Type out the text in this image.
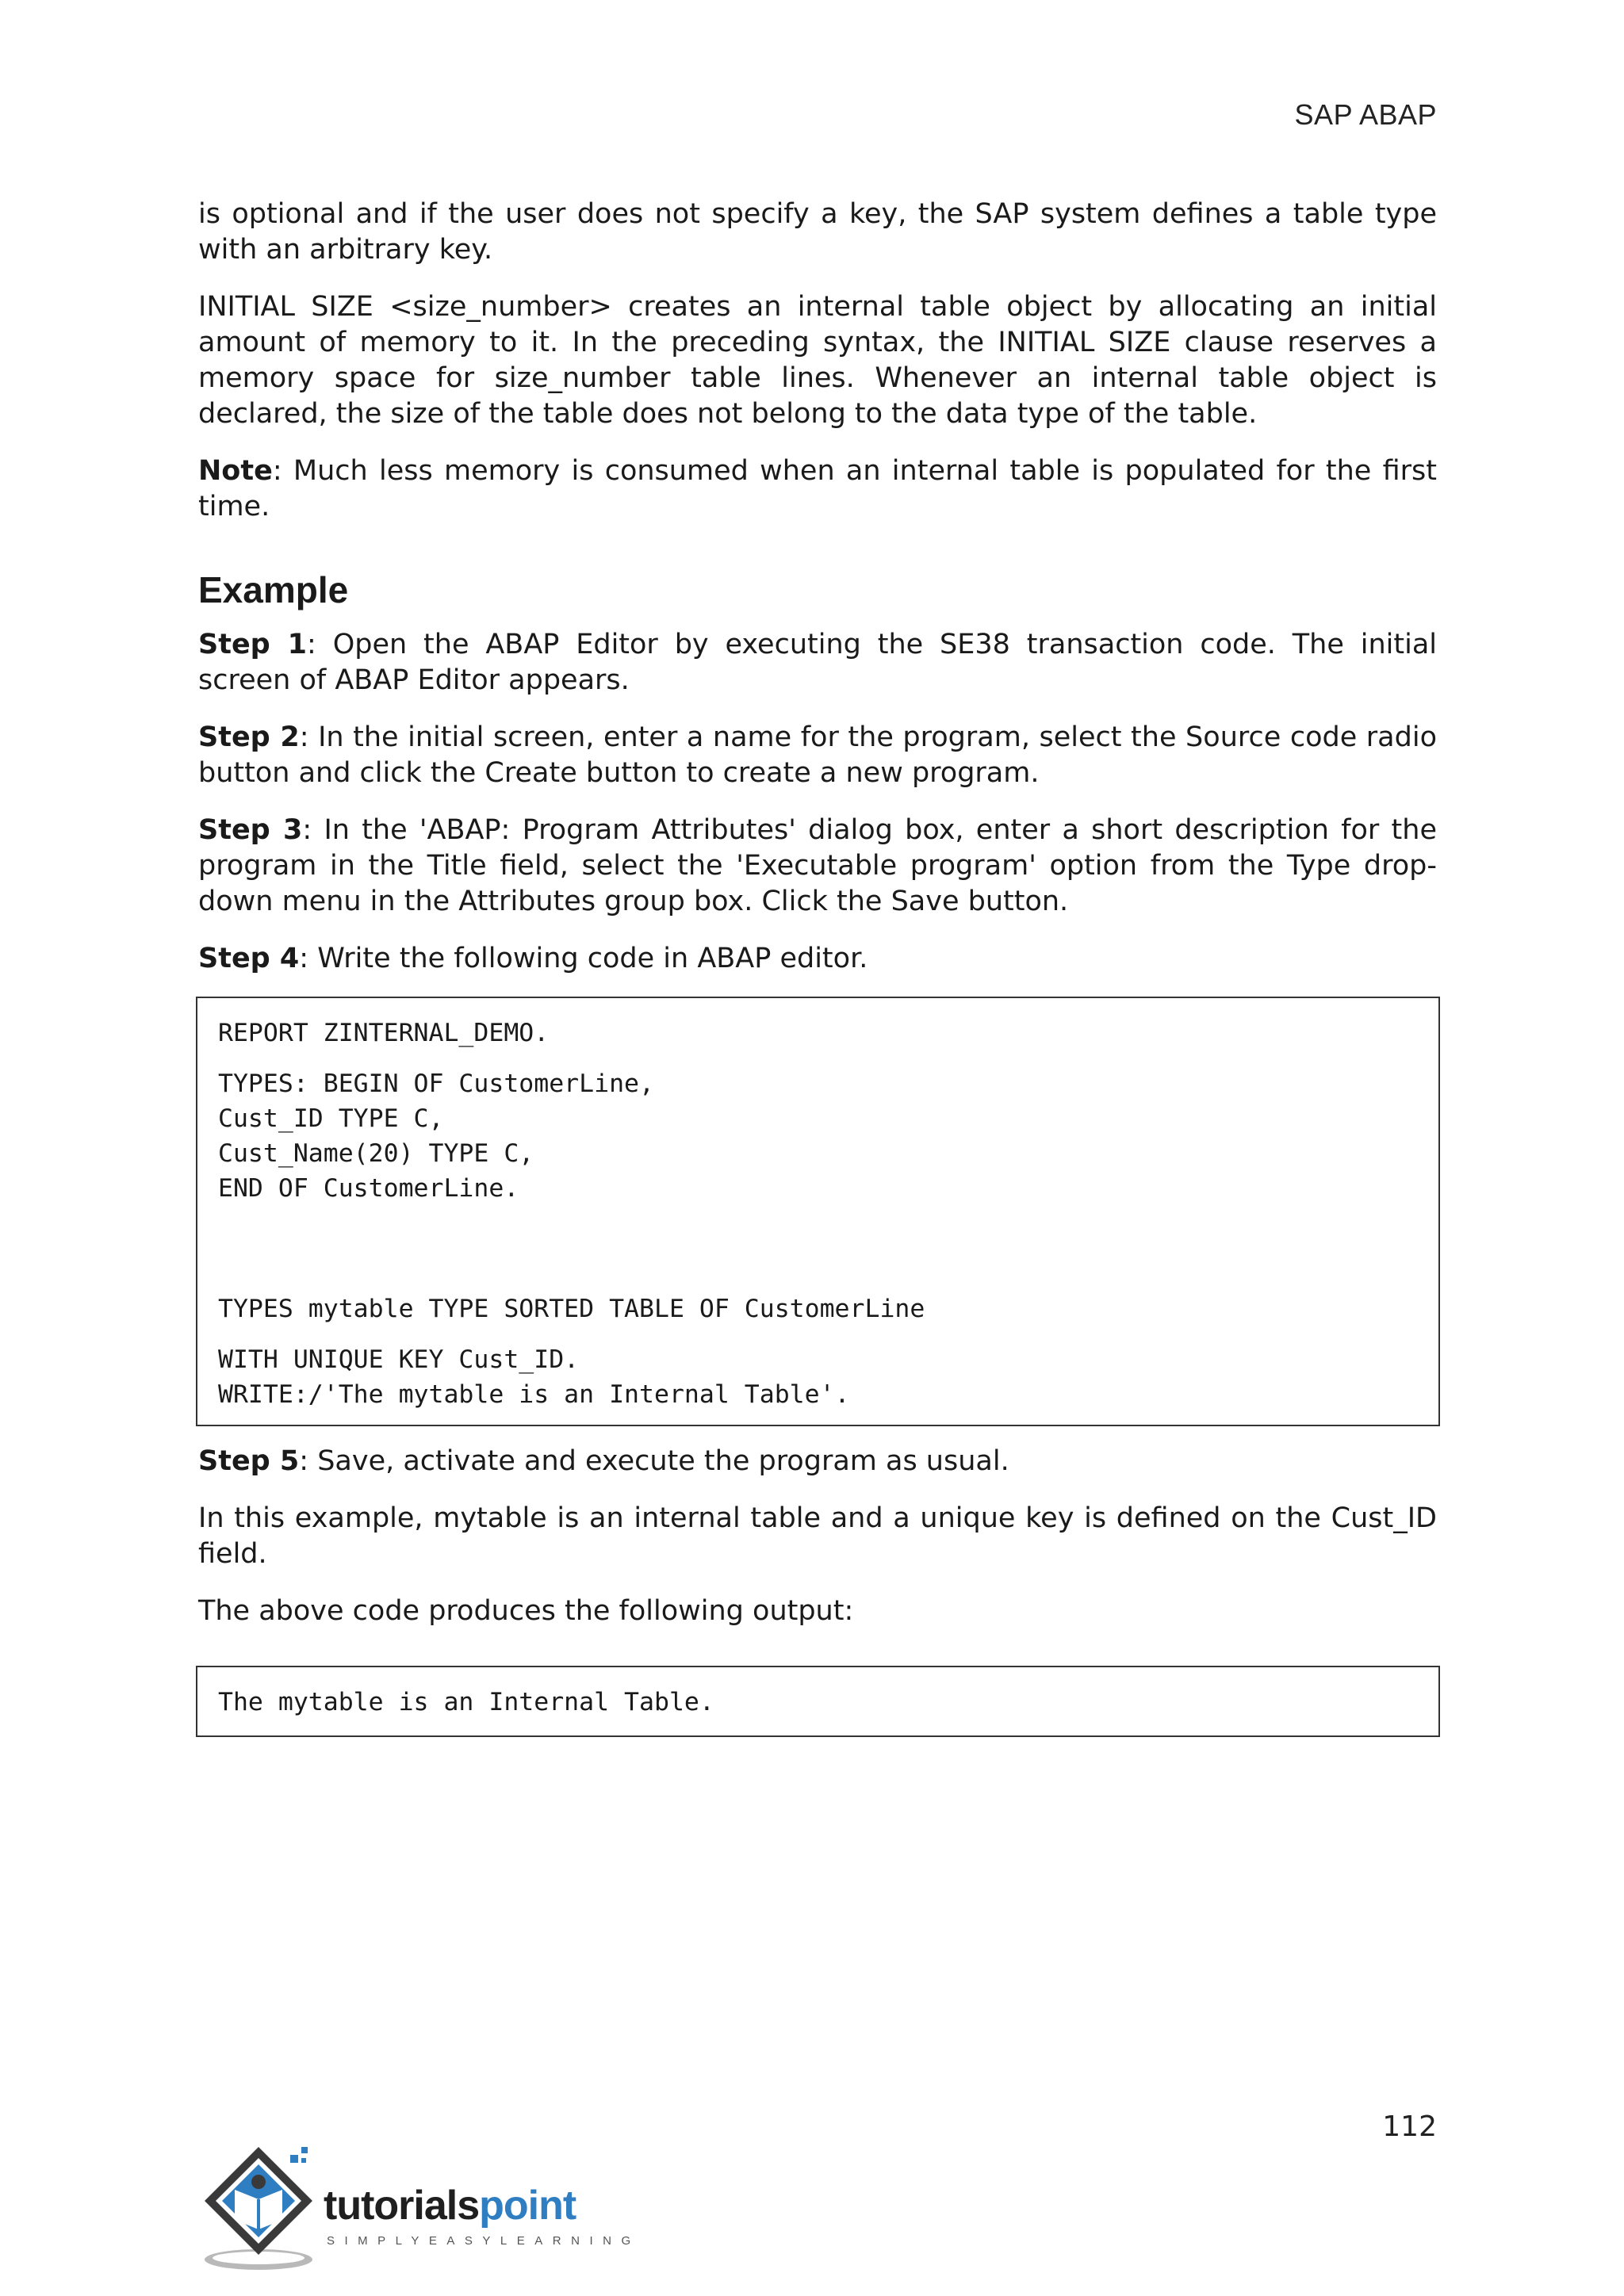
SAP ABAP

is optional and if the user does not specify a key, the SAP system defines a table type with an arbitrary key.

INITIAL SIZE <size_number> creates an internal table object by allocating an initial amount of memory to it. In the preceding syntax, the INITIAL SIZE clause reserves a memory space for size_number table lines. Whenever an internal table object is declared, the size of the table does not belong to the data type of the table.

Note: Much less memory is consumed when an internal table is populated for the first time.

Example

Step 1: Open the ABAP Editor by executing the SE38 transaction code. The initial screen of ABAP Editor appears.

Step 2: In the initial screen, enter a name for the program, select the Source code radio button and click the Create button to create a new program.

Step 3: In the 'ABAP: Program Attributes' dialog box, enter a short description for the program in the Title field, select the 'Executable program' option from the Type drop-down menu in the Attributes group box. Click the Save button.

Step 4: Write the following code in ABAP editor.

REPORT ZINTERNAL_DEMO.
TYPES: BEGIN OF CustomerLine,
Cust_ID TYPE C,
Cust_Name(20) TYPE C,
END OF CustomerLine.
TYPES mytable TYPE SORTED TABLE OF CustomerLine
WITH UNIQUE KEY Cust_ID.
WRITE:/'The mytable is an Internal Table'.

Step 5: Save, activate and execute the program as usual.

In this example, mytable is an internal table and a unique key is defined on the Cust_ID field.

The above code produces the following output:

The mytable is an Internal Table.
112
tutorialspoint
SIMPLYEASYLEARNING
